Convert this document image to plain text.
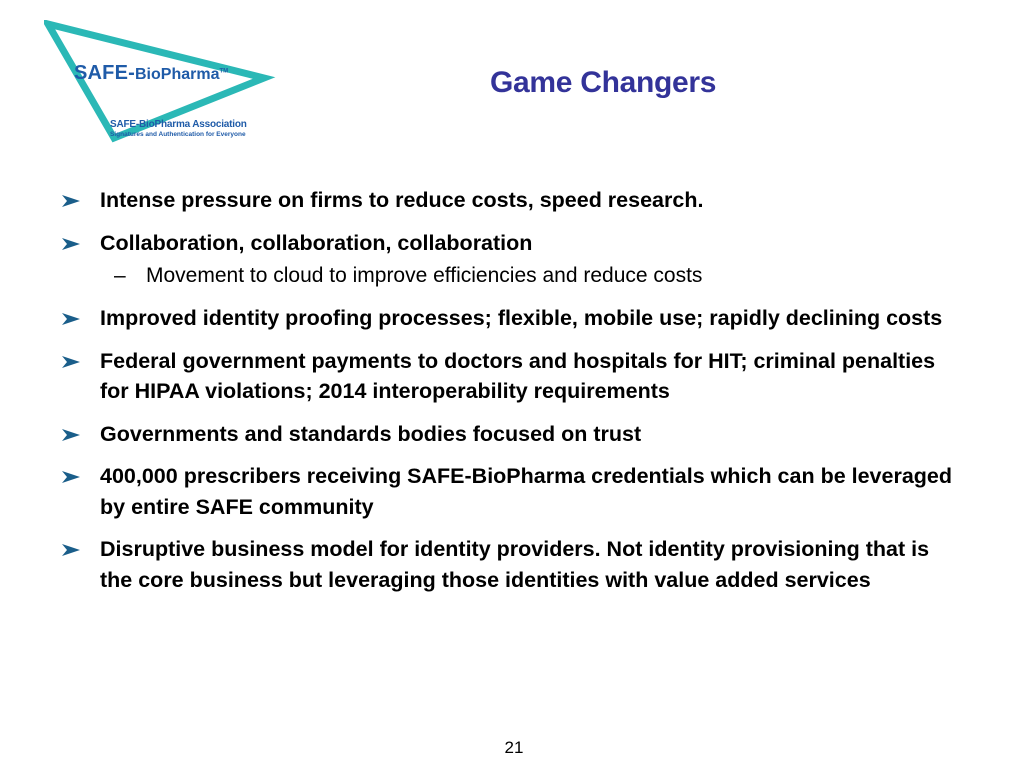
SAFE-BioPharma™
SAFE-BioPharma Association
Signatures and Authentication for Everyone
Game Changers
Intense pressure on firms to reduce costs, speed research.
Collaboration, collaboration, collaboration
– Movement to cloud to improve efficiencies and reduce costs
Improved identity proofing processes; flexible, mobile use; rapidly declining costs
Federal government payments to doctors and hospitals for HIT; criminal penalties for HIPAA violations; 2014 interoperability requirements
Governments and standards bodies focused on trust
400,000 prescribers receiving SAFE-BioPharma credentials which can be leveraged by entire SAFE community
Disruptive business model for identity providers. Not identity provisioning that is the core business but leveraging those identities with value added services
21
